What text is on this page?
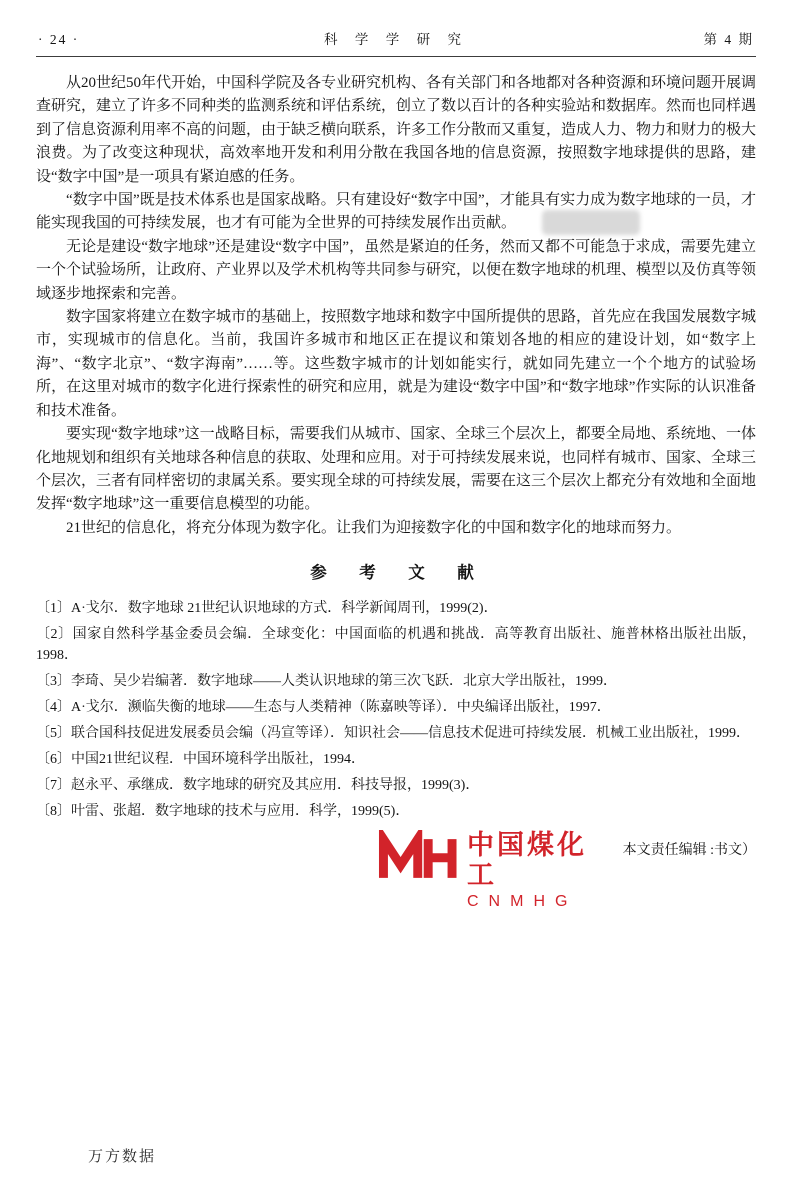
· 24 ·	科 学 学 研 究	第 4 期

从20世纪50年代开始，中国科学院及各专业研究机构、各有关部门和各地都对各种资源和环境问题开展调查研究，建立了许多不同种类的监测系统和评估系统，创立了数以百计的各种实验站和数据库。然而也同样遇到了信息资源利用率不高的问题，由于缺乏横向联系，许多工作分散而又重复，造成人力、物力和财力的极大浪费。为了改变这种现状，高效率地开发和利用分散在我国各地的信息资源，按照数字地球提供的思路，建设“数字中国”是一项具有紧迫感的任务。

“数字中国”既是技术体系也是国家战略。只有建设好“数字中国”，才能具有实力成为数字地球的一员，才能实现我国的可持续发展，也才有可能为全世界的可持续发展作出贡献。

无论是建设“数字地球”还是建设“数字中国”，虽然是紧迫的任务，然而又都不可能急于求成，需要先建立一个个试验场所，让政府、产业界以及学术机构等共同参与研究，以便在数字地球的机理、模型以及仿真等领域逐步地探索和完善。

数字国家将建立在数字城市的基础上，按照数字地球和数字中国所提供的思路，首先应在我国发展数字城市，实现城市的信息化。当前，我国许多城市和地区正在提议和策划各地的相应的建设计划，如“数字上海”、“数字北京”、“数字海南”……等。这些数字城市的计划如能实行，就如同先建立一个个地方的试验场所，在这里对城市的数字化进行探索性的研究和应用，就是为建设“数字中国”和“数字地球”作实际的认识准备和技术准备。

要实现“数字地球”这一战略目标，需要我们从城市、国家、全球三个层次上，都要全局地、系统地、一体化地规划和组织有关地球各种信息的获取、处理和应用。对于可持续发展来说，也同样有城市、国家、全球三个层次，三者有同样密切的隶属关系。要实现全球的可持续发展，需要在这三个层次上都充分有效地和全面地发挥“数字地球”这一重要信息模型的功能。

21世纪的信息化，将充分体现为数字化。让我们为迎接数字化的中国和数字化的地球而努力。

参　考　文　献
〔1〕A·戈尔．数字地球 21世纪认识地球的方式．科学新闻周刊，1999(2)．
〔2〕国家自然科学基金委员会编．全球变化：中国面临的机遇和挑战．高等教育出版社、施普林格出版社出版，1998．
〔3〕李琦、吴少岩编著．数字地球——人类认识地球的第三次飞跃．北京大学出版社，1999．
〔4〕A·戈尔．濒临失衡的地球——生态与人类精神（陈嘉映等译）．中央编译出版社，1997．
〔5〕联合国科技促进发展委员会编（冯宣等译）．知识社会——信息技术促进可持续发展．机械工业出版社，1999．
〔6〕中国21世纪议程．中国环境科学出版社，1994．
〔7〕赵永平、承继成．数字地球的研究及其应用．科技导报，1999(3)．
〔8〕叶雷、张超．数字地球的技术与应用．科学，1999(5)．
中国煤化工
CNMHG
本文责任编辑 :书文）
万方数据
